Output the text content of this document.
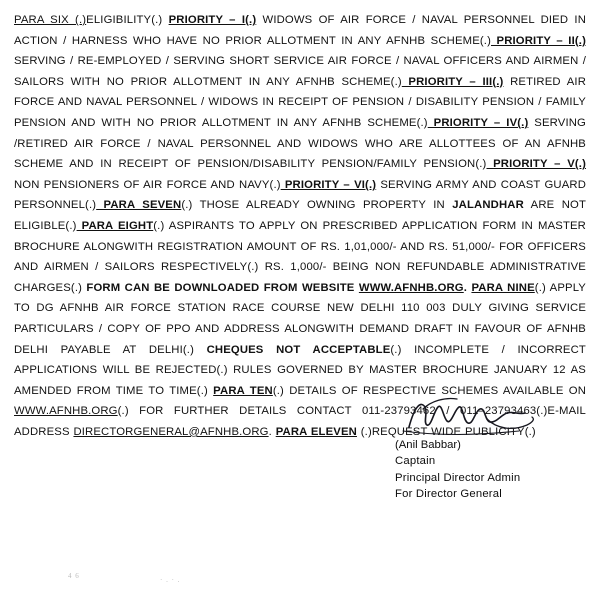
PARA SIX (.)ELIGIBILITY(.) PRIORITY – I(.) WIDOWS OF AIR FORCE / NAVAL PERSONNEL DIED IN ACTION / HARNESS WHO HAVE NO PRIOR ALLOTMENT IN ANY AFNHB SCHEME(.) PRIORITY – II(.) SERVING / RE-EMPLOYED / SERVING SHORT SERVICE AIR FORCE / NAVAL OFFICERS AND AIRMEN / SAILORS WITH NO PRIOR ALLOTMENT IN ANY AFNHB SCHEME(.) PRIORITY – III(.) RETIRED AIR FORCE AND NAVAL PERSONNEL / WIDOWS IN RECEIPT OF PENSION / DISABILITY PENSION / FAMILY PENSION AND WITH NO PRIOR ALLOTMENT IN ANY AFNHB SCHEME(.) PRIORITY – IV(.) SERVING /RETIRED AIR FORCE / NAVAL PERSONNEL AND WIDOWS WHO ARE ALLOTTEES OF AN AFNHB SCHEME AND IN RECEIPT OF PENSION/DISABILITY PENSION/FAMILY PENSION(.) PRIORITY – V(.) NON PENSIONERS OF AIR FORCE AND NAVY(.) PRIORITY – VI(.) SERVING ARMY AND COAST GUARD PERSONNEL(.) PARA SEVEN(.) THOSE ALREADY OWNING PROPERTY IN JALANDHAR ARE NOT ELIGIBLE(.) PARA EIGHT(.) ASPIRANTS TO APPLY ON PRESCRIBED APPLICATION FORM IN MASTER BROCHURE ALONGWITH REGISTRATION AMOUNT OF RS. 1,01,000/- AND RS. 51,000/- FOR OFFICERS AND AIRMEN / SAILORS RESPECTIVELY(.) RS. 1,000/- BEING NON REFUNDABLE ADMINISTRATIVE CHARGES(.) FORM CAN BE DOWNLOADED FROM WEBSITE WWW.AFNHB.ORG. PARA NINE(.) APPLY TO DG AFNHB AIR FORCE STATION RACE COURSE NEW DELHI 110 003 DULY GIVING SERVICE PARTICULARS / COPY OF PPO AND ADDRESS ALONGWITH DEMAND DRAFT IN FAVOUR OF AFNHB DELHI PAYABLE AT DELHI(.) CHEQUES NOT ACCEPTABLE(.) INCOMPLETE / INCORRECT APPLICATIONS WILL BE REJECTED(.) RULES GOVERNED BY MASTER BROCHURE JANUARY 12 AS AMENDED FROM TIME TO TIME(.) PARA TEN(.) DETAILS OF RESPECTIVE SCHEMES AVAILABLE ON WWW.AFNHB.ORG(.) FOR FURTHER DETAILS CONTACT 011-23793462 / 011–23793463(.)E-MAIL ADDRESS DIRECTORGENERAL@AFNHB.ORG. PARA ELEVEN (.)REQUEST WIDE PUBLICITY(.)
(Anil Babbar)
Captain
Principal Director Admin
For Director General
4 6	· . · .
